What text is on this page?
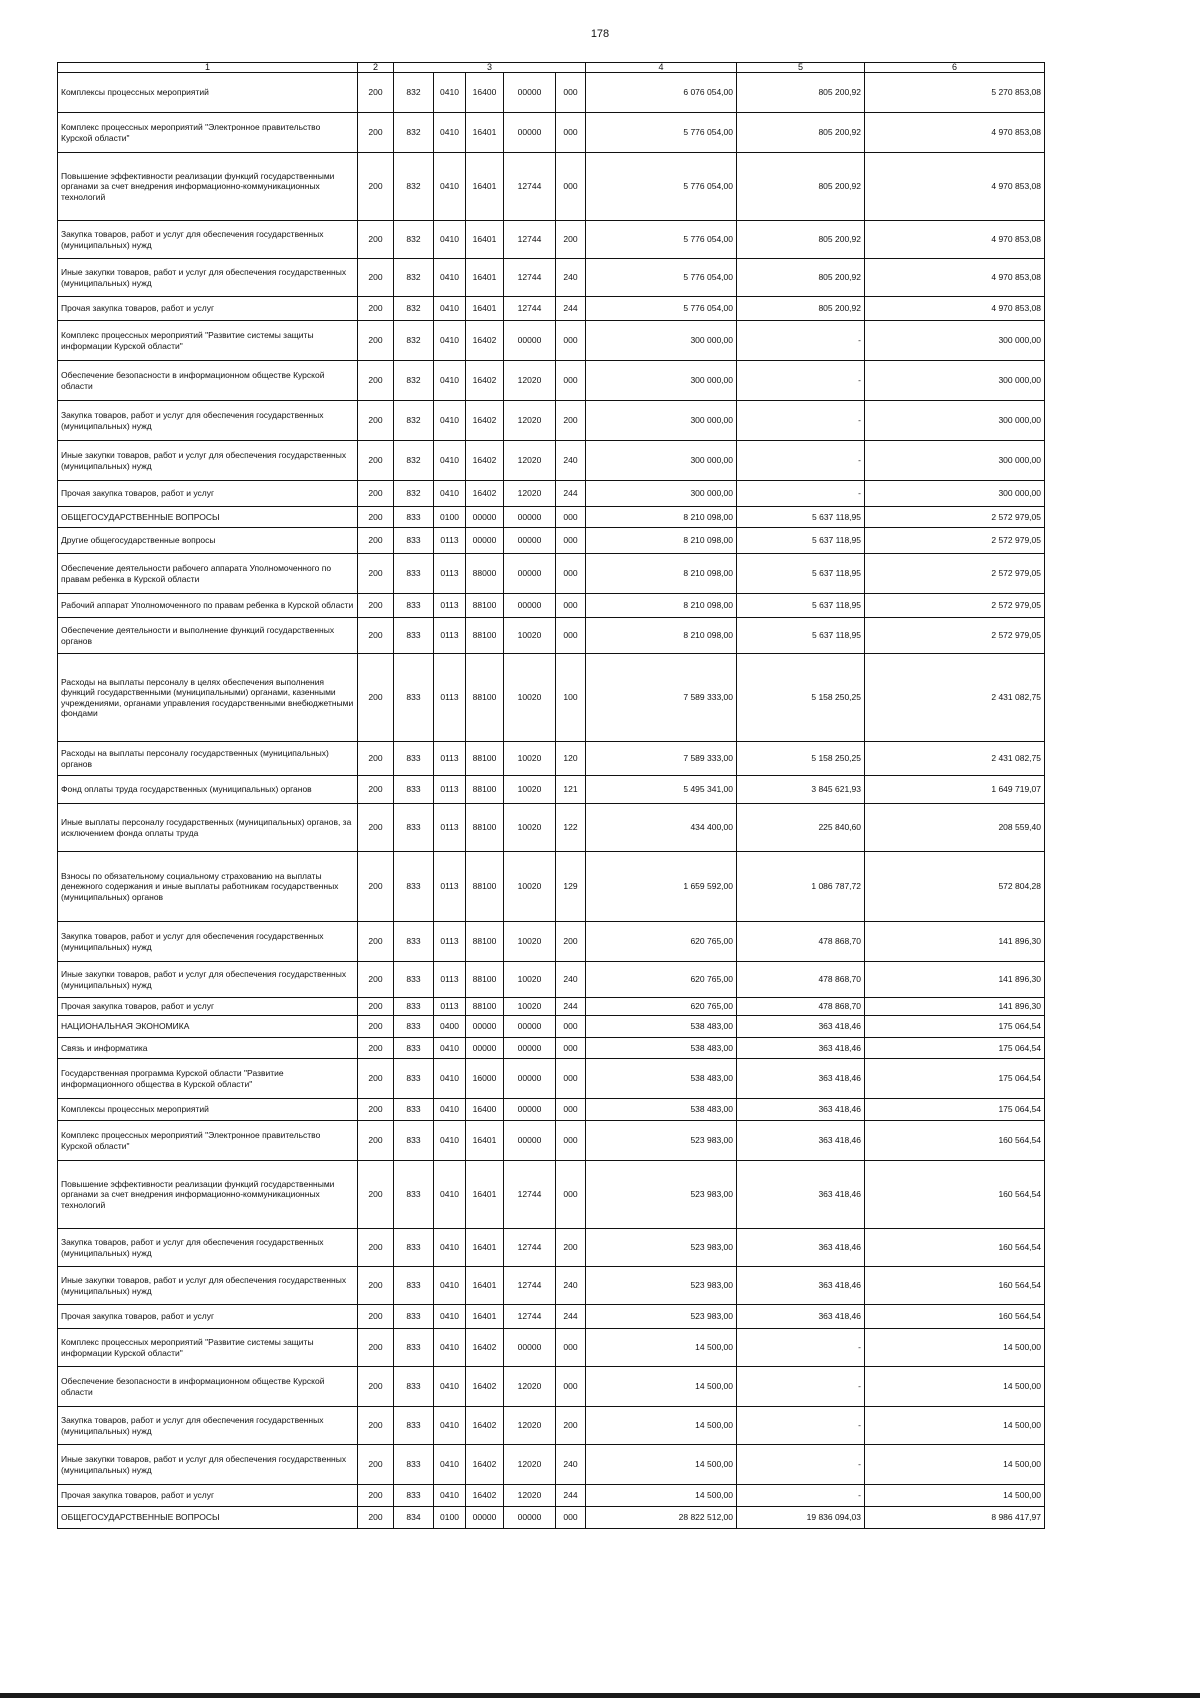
178
1	2	3					4	5	6
Комплексы процессных мероприятий	200	832	0410	16400	00000	000	6 076 054,00	805 200,92	5 270 853,08
Комплекс процессных мероприятий "Электронное правительство Курской области"	200	832	0410	16401	00000	000	5 776 054,00	805 200,92	4 970 853,08
Повышение эффективности реализации функций государственными органами за счет внедрения информационно-коммуникационных технологий	200	832	0410	16401	12744	000	5 776 054,00	805 200,92	4 970 853,08
Закупка товаров, работ и услуг для обеспечения государственных (муниципальных) нужд	200	832	0410	16401	12744	200	5 776 054,00	805 200,92	4 970 853,08
Иные закупки товаров, работ и услуг для обеспечения государственных (муниципальных) нужд	200	832	0410	16401	12744	240	5 776 054,00	805 200,92	4 970 853,08
Прочая закупка товаров, работ и услуг	200	832	0410	16401	12744	244	5 776 054,00	805 200,92	4 970 853,08
Комплекс процессных мероприятий "Развитие системы защиты информации Курской области"	200	832	0410	16402	00000	000	300 000,00	-	300 000,00
Обеспечение безопасности в информационном обществе Курской области	200	832	0410	16402	12020	000	300 000,00	-	300 000,00
Закупка товаров, работ и услуг для обеспечения государственных (муниципальных) нужд	200	832	0410	16402	12020	200	300 000,00	-	300 000,00
Иные закупки товаров, работ и услуг для обеспечения государственных (муниципальных) нужд	200	832	0410	16402	12020	240	300 000,00	-	300 000,00
Прочая закупка товаров, работ и услуг	200	832	0410	16402	12020	244	300 000,00	-	300 000,00
ОБЩЕГОСУДАРСТВЕННЫЕ ВОПРОСЫ	200	833	0100	00000	00000	000	8 210 098,00	5 637 118,95	2 572 979,05
Другие общегосударственные вопросы	200	833	0113	00000	00000	000	8 210 098,00	5 637 118,95	2 572 979,05
Обеспечение деятельности рабочего аппарата Уполномоченного по правам ребенка в Курской области	200	833	0113	88000	00000	000	8 210 098,00	5 637 118,95	2 572 979,05
Рабочий аппарат Уполномоченного по правам ребенка в Курской области	200	833	0113	88100	00000	000	8 210 098,00	5 637 118,95	2 572 979,05
Обеспечение деятельности и выполнение функций государственных органов	200	833	0113	88100	10020	000	8 210 098,00	5 637 118,95	2 572 979,05
Расходы на выплаты персоналу в целях обеспечения выполнения функций государственными (муниципальными) органами, казенными учреждениями, органами управления государственными внебюджетными фондами	200	833	0113	88100	10020	100	7 589 333,00	5 158 250,25	2 431 082,75
Расходы на выплаты персоналу государственных (муниципальных) органов	200	833	0113	88100	10020	120	7 589 333,00	5 158 250,25	2 431 082,75
Фонд оплаты труда государственных (муниципальных) органов	200	833	0113	88100	10020	121	5 495 341,00	3 845 621,93	1 649 719,07
Иные выплаты персоналу государственных (муниципальных) органов, за исключением фонда оплаты труда	200	833	0113	88100	10020	122	434 400,00	225 840,60	208 559,40
Взносы по обязательному социальному страхованию на выплаты денежного содержания и иные выплаты работникам государственных (муниципальных) органов	200	833	0113	88100	10020	129	1 659 592,00	1 086 787,72	572 804,28
Закупка товаров, работ и услуг для обеспечения государственных (муниципальных) нужд	200	833	0113	88100	10020	200	620 765,00	478 868,70	141 896,30
Иные закупки товаров, работ и услуг для обеспечения государственных (муниципальных) нужд	200	833	0113	88100	10020	240	620 765,00	478 868,70	141 896,30
Прочая закупка товаров, работ и услуг	200	833	0113	88100	10020	244	620 765,00	478 868,70	141 896,30
НАЦИОНАЛЬНАЯ ЭКОНОМИКА	200	833	0400	00000	00000	000	538 483,00	363 418,46	175 064,54
Связь и информатика	200	833	0410	00000	00000	000	538 483,00	363 418,46	175 064,54
Государственная программа Курской области "Развитие информационного общества в Курской области"	200	833	0410	16000	00000	000	538 483,00	363 418,46	175 064,54
Комплексы процессных мероприятий	200	833	0410	16400	00000	000	538 483,00	363 418,46	175 064,54
Комплекс процессных мероприятий "Электронное правительство Курской области"	200	833	0410	16401	00000	000	523 983,00	363 418,46	160 564,54
Повышение эффективности реализации функций государственными органами за счет внедрения информационно-коммуникационных технологий	200	833	0410	16401	12744	000	523 983,00	363 418,46	160 564,54
Закупка товаров, работ и услуг для обеспечения государственных (муниципальных) нужд	200	833	0410	16401	12744	200	523 983,00	363 418,46	160 564,54
Иные закупки товаров, работ и услуг для обеспечения государственных (муниципальных) нужд	200	833	0410	16401	12744	240	523 983,00	363 418,46	160 564,54
Прочая закупка товаров, работ и услуг	200	833	0410	16401	12744	244	523 983,00	363 418,46	160 564,54
Комплекс процессных мероприятий "Развитие системы защиты информации Курской области"	200	833	0410	16402	00000	000	14 500,00	-	14 500,00
Обеспечение безопасности в информационном обществе Курской области	200	833	0410	16402	12020	000	14 500,00	-	14 500,00
Закупка товаров, работ и услуг для обеспечения государственных (муниципальных) нужд	200	833	0410	16402	12020	200	14 500,00	-	14 500,00
Иные закупки товаров, работ и услуг для обеспечения государственных (муниципальных) нужд	200	833	0410	16402	12020	240	14 500,00	-	14 500,00
Прочая закупка товаров, работ и услуг	200	833	0410	16402	12020	244	14 500,00	-	14 500,00
ОБЩЕГОСУДАРСТВЕННЫЕ ВОПРОСЫ	200	834	0100	00000	00000	000	28 822 512,00	19 836 094,03	8 986 417,97
